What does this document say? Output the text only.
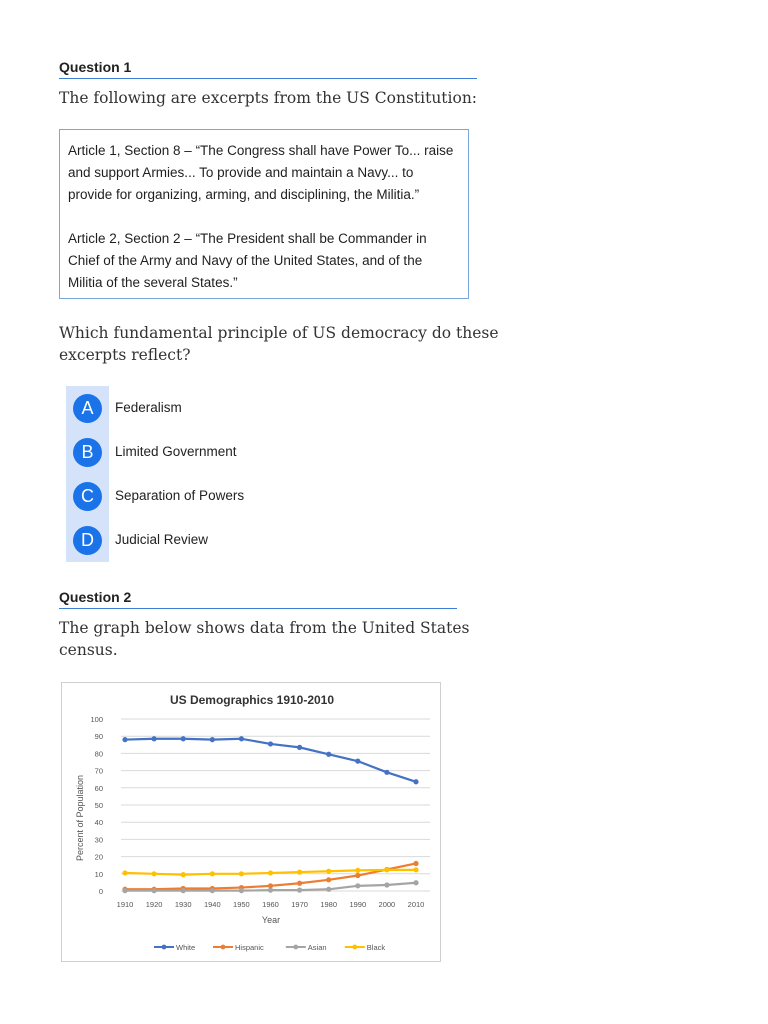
Question 1
The following are excerpts from the US Constitution:

Article 1, Section 8 – “The Congress shall have Power To... raise and support Armies... To provide and maintain a Navy... to provide for organizing, arming, and disciplining, the Militia.”

Article 2, Section 2 – “The President shall be Commander in Chief of the Army and Navy of the United States, and of the Militia of the several States.”

Which fundamental principle of US democracy do these
excerpts reflect?
A	Federalism
B	Limited Government
C	Separation of Powers
D	Judicial Review
Question 2
The graph below shows data from the United States
census.
US Demographics 1910-2010
Percent of Population
Year
0
10
20
30
40
50
60
70
80
90
100
1910 1920 1930 1940 1950 1960 1970 1980 1990 2000 2010
White	Hispanic	Asian	Black
